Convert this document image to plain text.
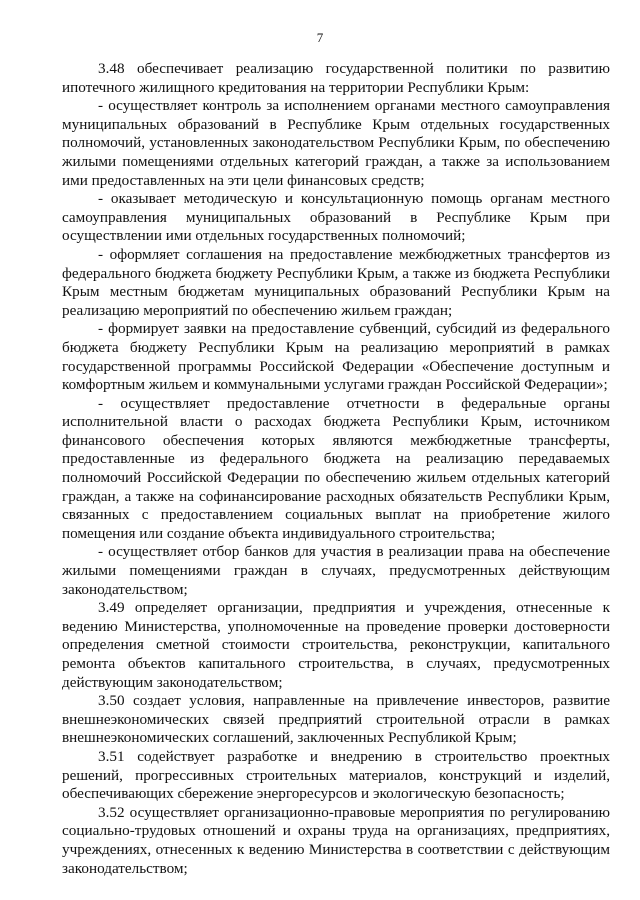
7

3.48 обеспечивает реализацию государственной политики по развитию ипотечного жилищного кредитования на территории Республики Крым:

- осуществляет контроль за исполнением органами местного самоуправления муниципальных образований в Республике Крым отдельных государственных полномочий, установленных законодательством Республики Крым, по обеспечению жилыми помещениями отдельных категорий граждан, а также за использованием ими предоставленных на эти цели финансовых средств;

- оказывает методическую и консультационную помощь органам местного самоуправления муниципальных образований в Республике Крым при осуществлении ими отдельных государственных полномочий;

- оформляет соглашения на предоставление межбюджетных трансфертов из федерального бюджета бюджету Республики Крым, а также из бюджета Республики Крым местным бюджетам муниципальных образований Республики Крым на реализацию мероприятий по обеспечению жильем граждан;

- формирует заявки на предоставление субвенций, субсидий из федерального бюджета бюджету Республики Крым на реализацию мероприятий в рамках государственной программы Российской Федерации «Обеспечение доступным и комфортным жильем и коммунальными услугами граждан Российской Федерации»;

- осуществляет предоставление отчетности в федеральные органы исполнительной власти о расходах бюджета Республики Крым, источником финансового обеспечения которых являются межбюджетные трансферты, предоставленные из федерального бюджета на реализацию передаваемых полномочий Российской Федерации по обеспечению жильем отдельных категорий граждан, а также на софинансирование расходных обязательств Республики Крым, связанных с предоставлением социальных выплат на приобретение жилого помещения или создание объекта индивидуального строительства;

- осуществляет отбор банков для участия в реализации права на обеспечение жилыми помещениями граждан в случаях, предусмотренных действующим законодательством;

3.49 определяет организации, предприятия и учреждения, отнесенные к ведению Министерства, уполномоченные на проведение проверки достоверности определения сметной стоимости строительства, реконструкции, капитального ремонта объектов капитального строительства, в случаях, предусмотренных действующим законодательством;

3.50 создает условия, направленные на привлечение инвесторов, развитие внешнеэкономических связей предприятий строительной отрасли в рамках внешнеэкономических соглашений, заключенных Республикой Крым;

3.51 содействует разработке и внедрению в строительство проектных решений, прогрессивных строительных материалов, конструкций и изделий, обеспечивающих сбережение энергоресурсов и экологическую безопасность;

3.52 осуществляет организационно-правовые мероприятия по регулированию социально-трудовых отношений и охраны труда на организациях, предприятиях, учреждениях, отнесенных к ведению Министерства в соответствии с действующим законодательством;
